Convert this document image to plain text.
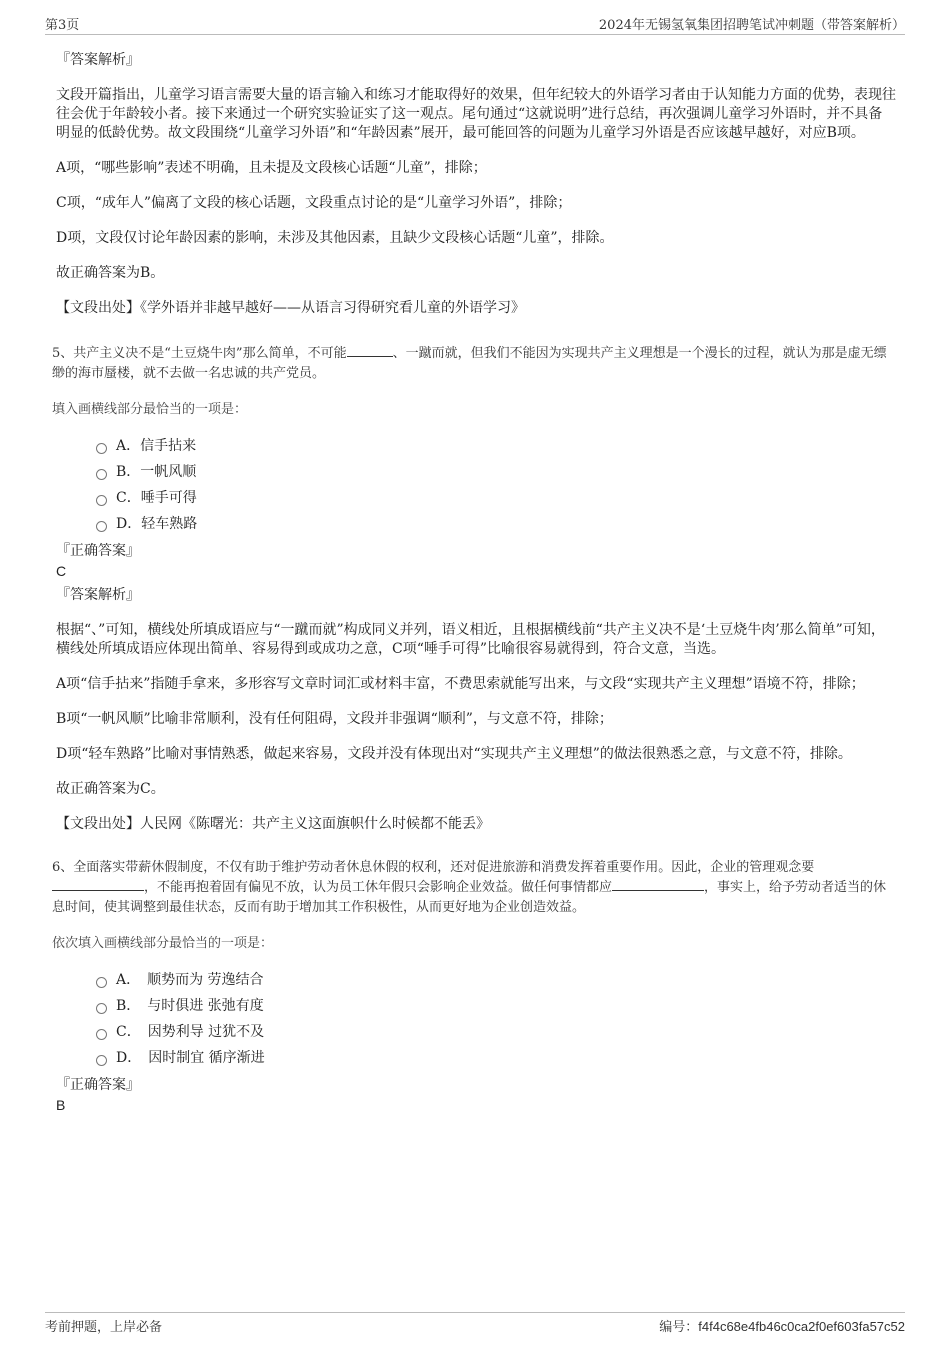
第3页	2024年无锡氢氧集团招聘笔试冲刺题（带答案解析）

『答案解析』

文段开篇指出，儿童学习语言需要大量的语言输入和练习才能取得好的效果，但年纪较大的外语学习者由于认知能力方面的优势，表现往往会优于年龄较小者。接下来通过一个研究实验证实了这一观点。尾句通过“这就说明”进行总结，再次强调儿童学习外语时，并不具备明显的低龄优势。故文段围绕“儿童学习外语”和“年龄因素”展开，最可能回答的问题为儿童学习外语是否应该越早越好，对应B项。

A项，“哪些影响”表述不明确，且未提及文段核心话题“儿童”，排除；

C项，“成年人”偏离了文段的核心话题，文段重点讨论的是“儿童学习外语”，排除；

D项，文段仅讨论年龄因素的影响，未涉及其他因素，且缺少文段核心话题“儿童”，排除。

故正确答案为B。

【文段出处】《学外语并非越早越好——从语言习得研究看儿童的外语学习》

5、共产主义决不是“土豆烧牛肉”那么简单，不可能	、一蹴而就，但我们不能因为实现共产主义理想是一个漫长的过程，就认为那是虚无缥缈的海市蜃楼，就不去做一名忠诚的共产党员。

填入画横线部分最恰当的一项是：

A．信手拈来
B．一帆风顺
C．唾手可得
D．轻车熟路

『正确答案』

C

『答案解析』

根据“、”可知，横线处所填成语应与“一蹴而就”构成同义并列，语义相近，且根据横线前“共产主义决不是‘土豆烧牛肉’那么简单”可知，横线处所填成语应体现出简单、容易得到或成功之意，C项“唾手可得”比喻很容易就得到，符合文意，当选。

A项“信手拈来”指随手拿来，多形容写文章时词汇或材料丰富，不费思索就能写出来，与文段“实现共产主义理想”语境不符，排除；

B项“一帆风顺”比喻非常顺利，没有任何阻碍，文段并非强调“顺利”，与文意不符，排除；

D项“轻车熟路”比喻对事情熟悉，做起来容易，文段并没有体现出对“实现共产主义理想”的做法很熟悉之意，与文意不符，排除。

故正确答案为C。

【文段出处】人民网《陈曙光：共产主义这面旗帜什么时候都不能丢》

6、全面落实带薪休假制度，不仅有助于维护劳动者休息休假的权利，还对促进旅游和消费发挥着重要作用。因此，企业的管理观念要，不能再抱着固有偏见不放，认为员工休年假只会影响企业效益。做任何事情都应	，事实上，给予劳动者适当的休息时间，使其调整到最佳状态，反而有助于增加其工作积极性，从而更好地为企业创造效益。

依次填入画横线部分最恰当的一项是：

A．　顺势而为 劳逸结合
B．　与时俱进 张弛有度
C．　因势利导 过犹不及
D．　因时制宜 循序渐进

『正确答案』

B

考前押题，上岸必备	编号：f4f4c68e4fb46c0ca2f0ef603fa57c52
